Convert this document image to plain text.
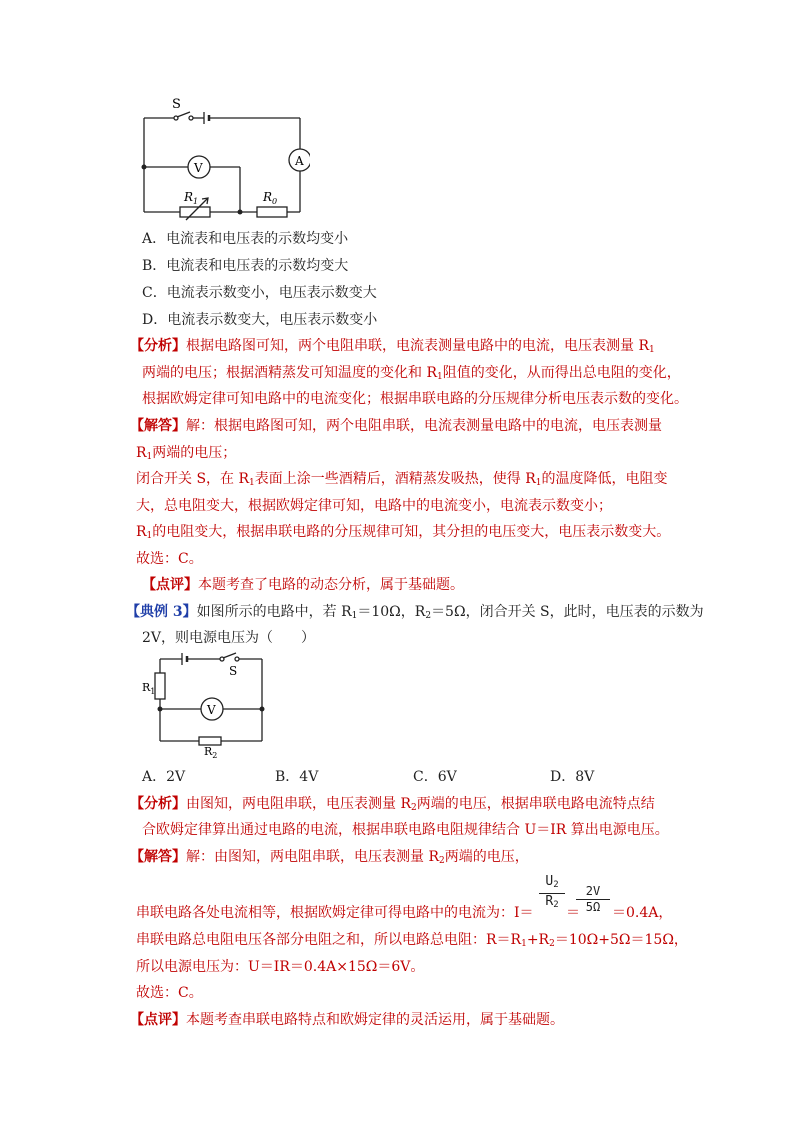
S
A
V
$R_1$	$R_0$
A．电流表和电压表的示数均变小
B．电流表和电压表的示数均变大
C．电流表示数变小，电压表示数变大
D．电流表示数变大，电压表示数变小
【分析】根据电路图可知，两个电阻串联，电流表测量电路中的电流，电压表测量 $R_1$
两端的电压；根据酒精蒸发可知温度的变化和 $R_1$阻值的变化，从而得出总电阻的变化，
根据欧姆定律可知电路中的电流变化；根据串联电路的分压规律分析电压表示数的变化。
【解答】解：根据电路图可知，两个电阻串联，电流表测量电路中的电流，电压表测量
$R_1$两端的电压；
闭合开关 S，在 $R_1$表面上涂一些酒精后，酒精蒸发吸热，使得 $R_1$的温度降低，电阻变
大，总电阻变大，根据欧姆定律可知，电路中的电流变小，电流表示数变小；
$R_1$的电阻变大，根据串联电路的分压规律可知，其分担的电压变大，电压表示数变大。
故选：C。
【点评】本题考查了电路的动态分析，属于基础题。
【典例 3】如图所示的电路中，若 $R_1=10\Omega$，$R_2=5\Omega$，闭合开关 S，此时，电压表的示数为
2V，则电源电压为（　　）
S
V
$R_1$
$R_2$
A．2V	B．4V	C．6V	D．8V
【分析】由图知，两电阻串联，电压表测量 $R_2$两端的电压，根据串联电路电流特点结
合欧姆定律算出通过电路的电流，根据串联电路电阻规律结合 U＝IR 算出电源电压。
【解答】解：由图知，两电阻串联，电压表测量 $R_2$两端的电压，
$\frac{U_2}{R_2} \frac{2V}{5\Omega}$
串联电路各处电流相等，根据欧姆定律可得电路中的电流为：I＝ ＝ ＝0.4A，
串联电路总电阻电压各部分电阻之和，所以电路总电阻：$R=R_1+R_2=10\Omega+5\Omega=15\Omega$，
所以电源电压为：U＝IR＝0.4A×15Ω＝6V。
故选：C。
【点评】本题考查串联电路特点和欧姆定律的灵活运用，属于基础题。
